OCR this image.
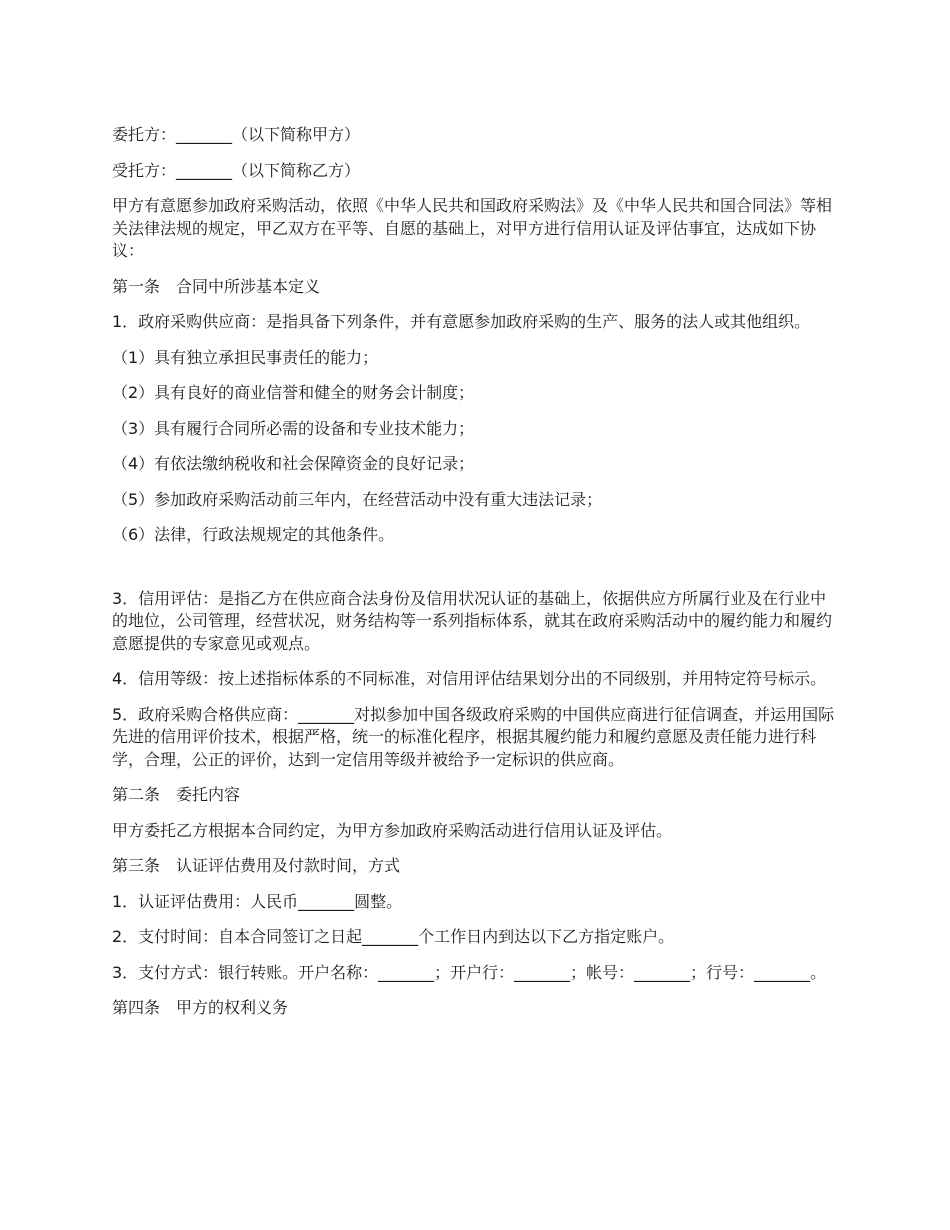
委托方：_______（以下简称甲方）

受托方：_______（以下简称乙方）

甲方有意愿参加政府采购活动，依照《中华人民共和国政府采购法》及《中华人民共和国合同法》等相关法律法规的规定，甲乙双方在平等、自愿的基础上，对甲方进行信用认证及评估事宜，达成如下协议：

第一条　合同中所涉基本定义

1．政府采购供应商：是指具备下列条件，并有意愿参加政府采购的生产、服务的法人或其他组织。

（1）具有独立承担民事责任的能力；

（2）具有良好的商业信誉和健全的财务会计制度；

（3）具有履行合同所必需的设备和专业技术能力；

（4）有依法缴纳税收和社会保障资金的良好记录；

（5）参加政府采购活动前三年内，在经营活动中没有重大违法记录；

（6）法律，行政法规规定的其他条件。

3．信用评估：是指乙方在供应商合法身份及信用状况认证的基础上，依据供应方所属行业及在行业中的地位，公司管理，经营状况，财务结构等一系列指标体系，就其在政府采购活动中的履约能力和履约意愿提供的专家意见或观点。

4．信用等级：按上述指标体系的不同标准，对信用评估结果划分出的不同级别，并用特定符号标示。

5．政府采购合格供应商：_______对拟参加中国各级政府采购的中国供应商进行征信调查，并运用国际先进的信用评价技术，根据严格，统一的标准化程序，根据其履约能力和履约意愿及责任能力进行科学，合理，公正的评价，达到一定信用等级并被给予一定标识的供应商。

第二条　委托内容

甲方委托乙方根据本合同约定，为甲方参加政府采购活动进行信用认证及评估。

第三条　认证评估费用及付款时间，方式

1．认证评估费用：人民币_______圆整。

2．支付时间：自本合同签订之日起_______个工作日内到达以下乙方指定账户。

3．支付方式：银行转账。开户名称：_______；开户行：_______；帐号：_______；行号：_______。

第四条　甲方的权利义务
